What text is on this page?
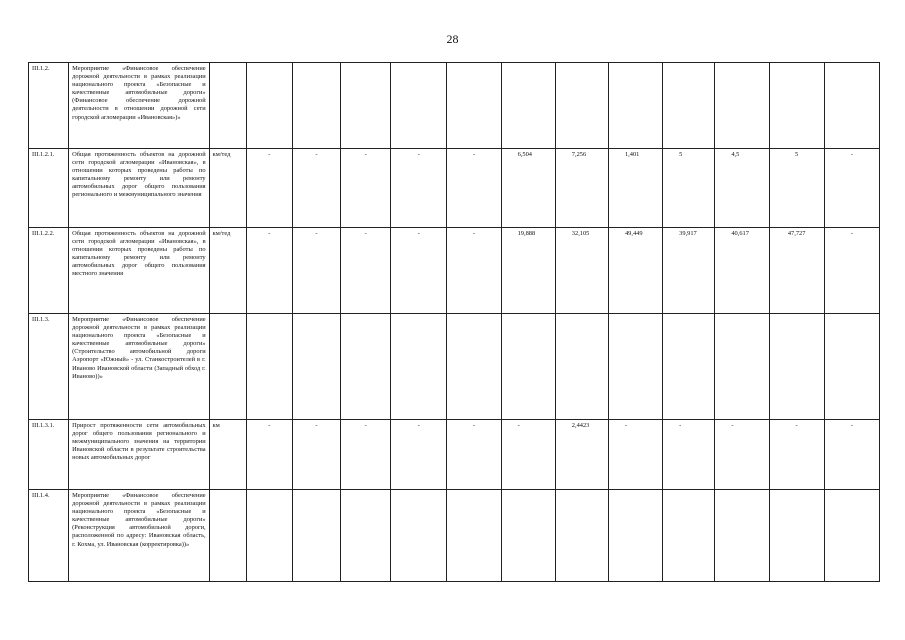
28
III.1.2.	Мероприятие «Финансовое обеспечение дорожной деятельности в рамках реализации национального проекта «Безопасные и качественные автомобильные дороги» (Финансовое обеспечение дорожной деятельности в отношении дорожной сети городской агломерации «Ивановская»)»													
III.1.2.1.	Общая протяженность объектов на дорожной сети городской агломерации «Ивановская», в отношении которых проведены работы по капитальному ремонту или ремонту автомобильных дорог общего пользования регионального и межмуниципального значения	км/тед	-	-	-	-	-	6,504	7,256	1,401	5	4,5	5	-
III.1.2.2.	Общая протяженность объектов на дорожной сети городской агломерации «Ивановская», в отношении которых проведены работы по капитальному ремонту или ремонту автомобильных дорог общего пользования местного значения	км/тед	-	-	-	-	-	19,888	32,105	49,449	39,917	40,617	47,727	-
III.1.3.	Мероприятие «Финансовое обеспечение дорожной деятельности в рамках реализации национального проекта «Безопасные и качественные автомобильные дороги» (Строительство автомобильной дороги Аэропорт «Южный» - ул. Станкостроителей в г. Иваново Ивановской области (Западный обход г. Иваново))»													
III.1.3.1.	Прирост протяженности сети автомобильных дорог общего пользования регионального и межмуниципального значения на территории Ивановской области в результате строительства новых автомобильных дорог	км	-	-	-	-	-	-	2,4423	-	-	-	-	-
III.1.4.	Мероприятие «Финансовое обеспечение дорожной деятельности в рамках реализации национального проекта «Безопасные и качественные автомобильные дороги» (Реконструкция автомобильной дороги, расположенной по адресу: Ивановская область, г. Кохма, ул. Ивановская (корректировка))»													
